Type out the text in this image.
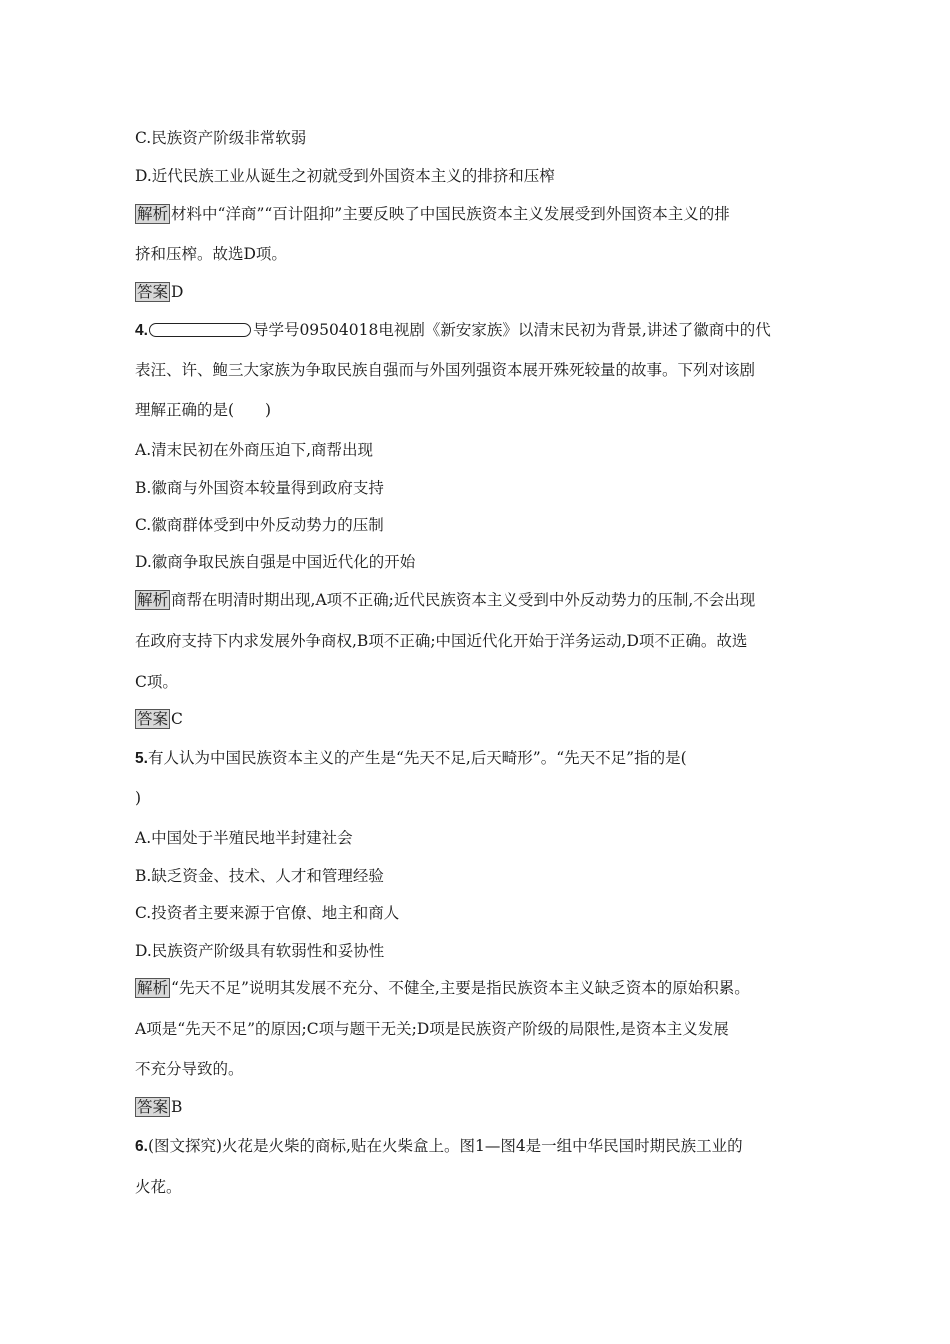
C.民族资产阶级非常软弱
D.近代民族工业从诞生之初就受到外国资本主义的排挤和压榨
解析 材料中“洋商”“百计阻抑”主要反映了中国民族资本主义发展受到外国资本主义的排
挤和压榨。故选D项。
答案 D
4.	导学号09504018电视剧《新安家族》以清末民初为背景,讲述了徽商中的代
表汪、许、鲍三大家族为争取民族自强而与外国列强资本展开殊死较量的故事。下列对该剧
理解正确的是(　　)
A.清末民初在外商压迫下,商帮出现
B.徽商与外国资本较量得到政府支持
C.徽商群体受到中外反动势力的压制
D.徽商争取民族自强是中国近代化的开始
解析 商帮在明清时期出现,A项不正确;近代民族资本主义受到中外反动势力的压制,不会出现
在政府支持下内求发展外争商权,B项不正确;中国近代化开始于洋务运动,D项不正确。故选
C项。
答案 C
5.有人认为中国民族资本主义的产生是“先天不足,后天畸形”。“先天不足”指的是(
)
A.中国处于半殖民地半封建社会
B.缺乏资金、技术、人才和管理经验
C.投资者主要来源于官僚、地主和商人
D.民族资产阶级具有软弱性和妥协性
解析 “先天不足”说明其发展不充分、不健全,主要是指民族资本主义缺乏资本的原始积累。
A项是“先天不足”的原因;C项与题干无关;D项是民族资产阶级的局限性,是资本主义发展
不充分导致的。
答案 B
6.(图文探究)火花是火柴的商标,贴在火柴盒上。图1—图4是一组中华民国时期民族工业的
火花。
